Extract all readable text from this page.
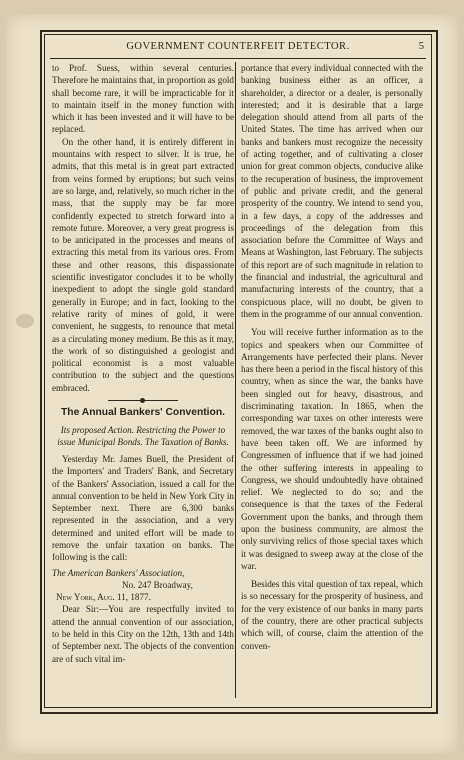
GOVERNMENT COUNTERFEIT DETECTOR.	5

to Prof. Suess, within several centuries. Therefore he maintains that, in proportion as gold shall become rare, it will be impracticable for it to maintain itself in the money function with which it has been invested and it will have to be replaced.

On the other hand, it is entirely different in mountains with respect to silver. It is true, he admits, that this metal is in great part extracted from veins formed by eruptions; but such veins are so large, and, relatively, so much richer in the mass, that the supply may be far more confidently expected to stretch forward into a remote future. Moreover, a very great progress is to be anticipated in the processes and means of extracting this metal from its various ores. From these and other reasons, this dispassionate scientific investigator concludes it to be wholly inexpedient to adopt the single gold standard generally in Europe; and in fact, looking to the relative rarity of mines of gold, it were convenient, he suggests, to renounce that metal as a circulating money medium. Be this as it may, the work of so distinguished a geologist and political economist is a most valuable contribution to the subject and the questions embraced.

The Annual Bankers' Convention.
Its proposed Action. Restricting the Power to issue Municipal Bonds. The Taxation of Banks.

Yesterday Mr. James Buell, the President of the Importers' and Traders' Bank, and Secretary of the Bankers' Association, issued a call for the annual convention to be held in New York City in September next. There are 6,300 banks represented in the association, and a very determined and united effort will be made to remove the unfair taxation on banks. The following is the call:

The American Bankers' Association,

No. 247 Broadway,

New York, Aug. 11, 1877.

Dear Sir:—You are respectfully invited to attend the annual convention of our association, to be held in this City on the 12th, 13th and 14th of September next. The objects of the convention are of such vital im-

portance that every individual connected with the banking business either as an officer, a shareholder, a director or a dealer, is personally interested; and it is desirable that a large delegation should attend from all parts of the United States. The time has arrived when our banks and bankers must recognize the necessity of acting together, and of cultivating a closer union for great common objects, conducive alike to the recuperation of business, the improvement of public and private credit, and the general prosperity of the country. We intend to send you, in a few days, a copy of the addresses and proceedings of the delegation from this association before the Committee of Ways and Means at Washington, last February. The subjects of this report are of such magnitude in relation to the financial and industrial, the agricultural and manufacturing interests of the country, that a conspicuous place, will no doubt, be given to them in the programme of our annual convention.

You will receive further information as to the topics and speakers when our Committee of Arrangements have perfected their plans. Never has there been a period in the fiscal history of this country, when as since the war, the banks have been singled out for heavy, disastrous, and discriminating taxation. In 1865, when the corresponding war taxes on other interests were removed, the war taxes of the banks ought also to have been taken off. We are informed by Congressmen of influence that if we had joined the other suffering interests in appealing to Congress, we should undoubtedly have obtained relief. We neglected to do so; and the consequence is that the taxes of the Federal Government upon the banks, and through them upon the business community, are almost the only surviving relics of those special taxes which it was designed to sweep away at the close of the war.

Besides this vital question of tax repeal, which is so necessary for the prosperity of business, and for the very existence of our banks in many parts of the country, there are other practical subjects which will, of course, claim the attention of the conven-
